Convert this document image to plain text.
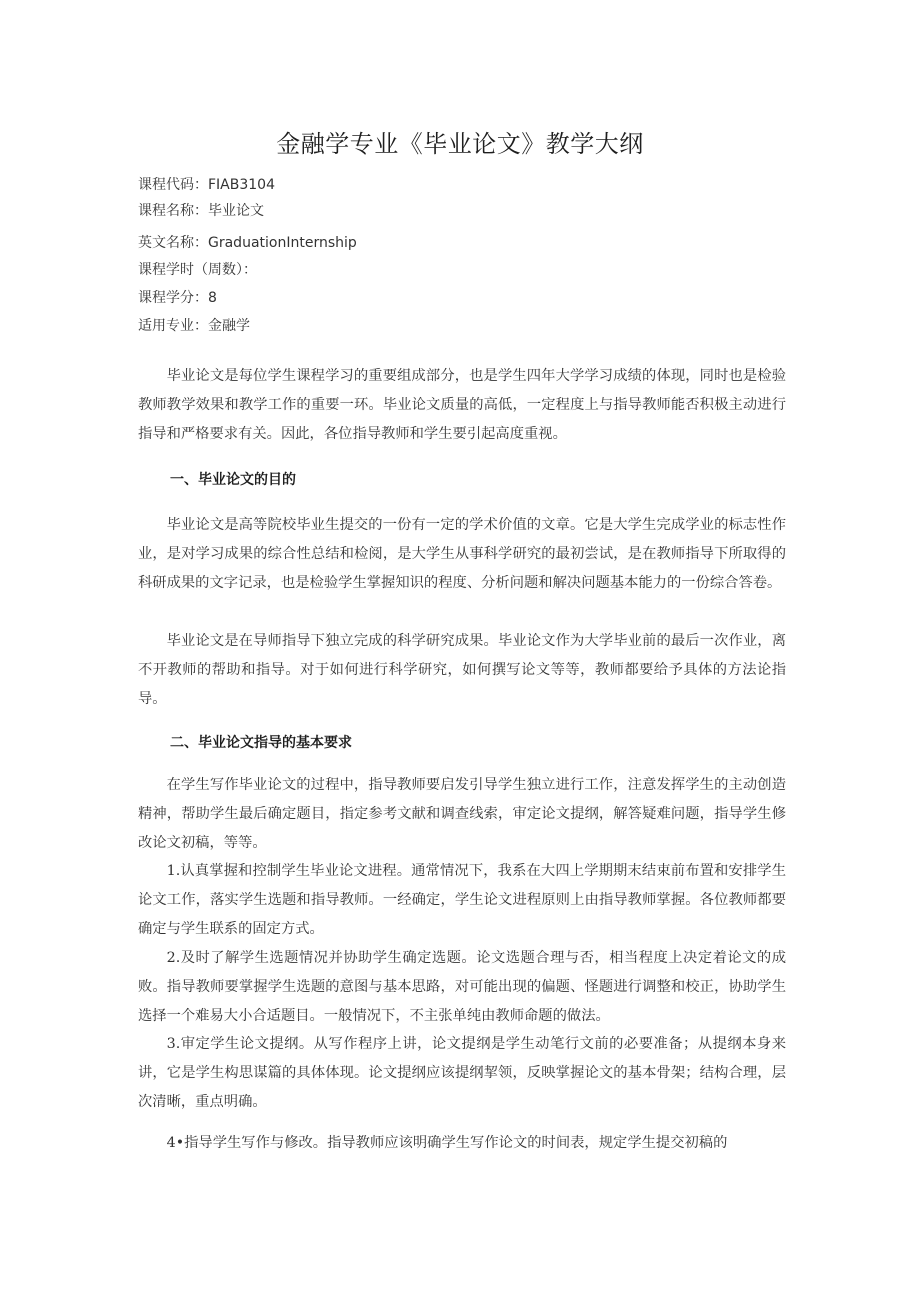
金融学专业《毕业论文》教学大纲
课程代码：FIAB3104
课程名称：毕业论文
英文名称：GraduationInternship
课程学时（周数）：
课程学分：8
适用专业：金融学
毕业论文是每位学生课程学习的重要组成部分，也是学生四年大学学习成绩的体现，同时也是检验教师教学效果和教学工作的重要一环。毕业论文质量的高低，一定程度上与指导教师能否积极主动进行指导和严格要求有关。因此，各位指导教师和学生要引起高度重视。
一、毕业论文的目的
毕业论文是高等院校毕业生提交的一份有一定的学术价值的文章。它是大学生完成学业的标志性作业，是对学习成果的综合性总结和检阅，是大学生从事科学研究的最初尝试，是在教师指导下所取得的科研成果的文字记录，也是检验学生掌握知识的程度、分析问题和解决问题基本能力的一份综合答卷。
毕业论文是在导师指导下独立完成的科学研究成果。毕业论文作为大学毕业前的最后一次作业，离不开教师的帮助和指导。对于如何进行科学研究，如何撰写论文等等，教师都要给予具体的方法论指导。
二、毕业论文指导的基本要求
在学生写作毕业论文的过程中，指导教师要启发引导学生独立进行工作，注意发挥学生的主动创造精神，帮助学生最后确定题目，指定参考文献和调查线索，审定论文提纲，解答疑难问题，指导学生修改论文初稿，等等。
1.认真掌握和控制学生毕业论文进程。通常情况下，我系在大四上学期期末结束前布置和安排学生论文工作，落实学生选题和指导教师。一经确定，学生论文进程原则上由指导教师掌握。各位教师都要确定与学生联系的固定方式。
2.及时了解学生选题情况并协助学生确定选题。论文选题合理与否，相当程度上决定着论文的成败。指导教师要掌握学生选题的意图与基本思路，对可能出现的偏题、怪题进行调整和校正，协助学生选择一个难易大小合适题目。一般情况下，不主张单纯由教师命题的做法。
3.审定学生论文提纲。从写作程序上讲，论文提纲是学生动笔行文前的必要准备；从提纲本身来讲，它是学生构思谋篇的具体体现。论文提纲应该提纲挈领，反映掌握论文的基本骨架；结构合理，层次清晰，重点明确。
4•指导学生写作与修改。指导教师应该明确学生写作论文的时间表，规定学生提交初稿的
